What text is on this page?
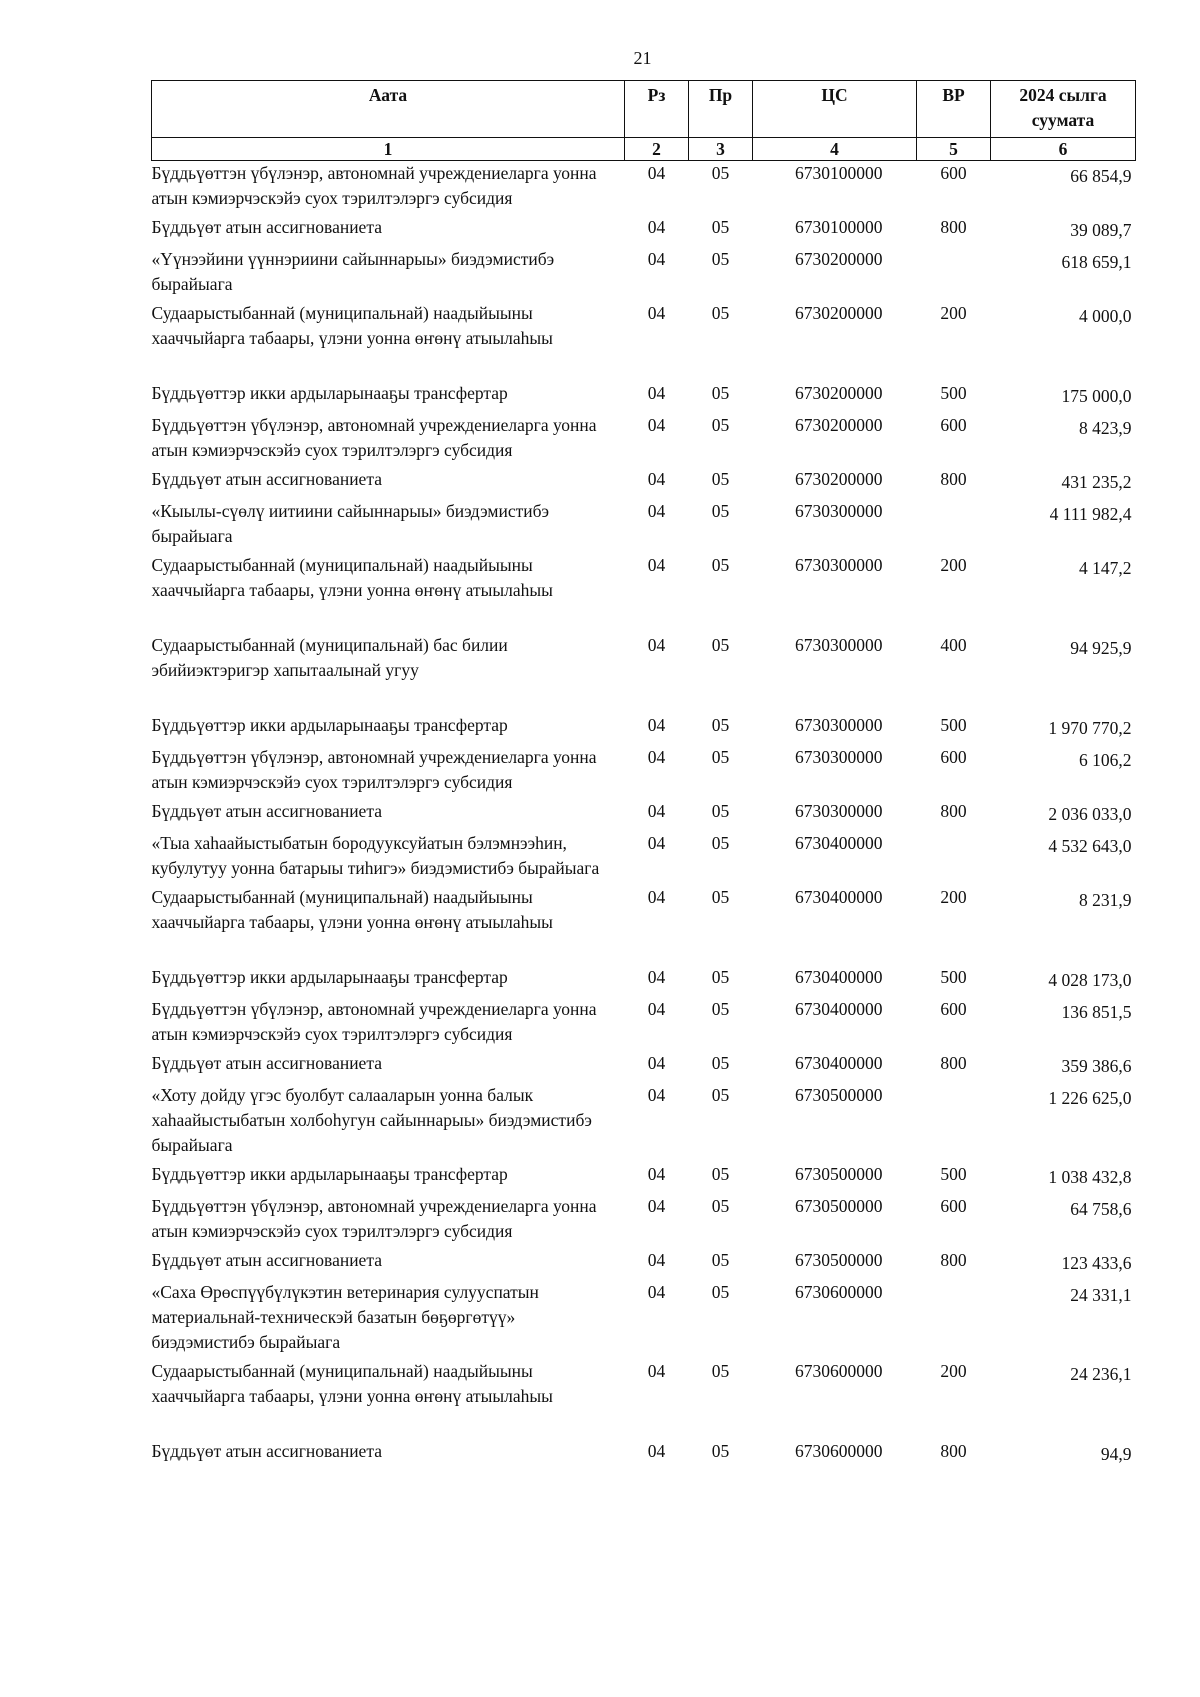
21
Аата	Рз	Пр	ЦС	ВР	2024 сылга суумата
1	2	3	4	5	6
Бүддьүөттэн үбүлэнэр, автономнай учреждениеларга уонна атын кэмиэрчэскэйэ суох тэрилтэлэргэ субсидия	04	05	6730100000	600	66 854,9
Бүддьүөт атын ассигнованиета	04	05	6730100000	800	39 089,7
«Үүнээйини үүннэриини сайыннарыы» биэдэмистибэ бырайыага	04	05	6730200000		618 659,1
Судаарыстыбаннай (муниципальнай) наадыйыыны хааччыйарга табаары, үлэни уонна өҥөнү атыылаһыы	04	05	6730200000	200	4 000,0
Бүддьүөттэр икки ардыларынааҕы трансфертар	04	05	6730200000	500	175 000,0
Бүддьүөттэн үбүлэнэр, автономнай учреждениеларга уонна атын кэмиэрчэскэйэ суох тэрилтэлэргэ субсидия	04	05	6730200000	600	8 423,9
Бүддьүөт атын ассигнованиета	04	05	6730200000	800	431 235,2
«Кыылы-сүөлү иитиини сайыннарыы» биэдэмистибэ бырайыага	04	05	6730300000		4 111 982,4
Судаарыстыбаннай (муниципальнай) наадыйыыны хааччыйарга табаары, үлэни уонна өҥөнү атыылаһыы	04	05	6730300000	200	4 147,2
Судаарыстыбаннай (муниципальнай) бас билии эбийиэктэригэр хапытаалынай угуу	04	05	6730300000	400	94 925,9
Бүддьүөттэр икки ардыларынааҕы трансфертар	04	05	6730300000	500	1 970 770,2
Бүддьүөттэн үбүлэнэр, автономнай учреждениеларга уонна атын кэмиэрчэскэйэ суох тэрилтэлэргэ субсидия	04	05	6730300000	600	6 106,2
Бүддьүөт атын ассигнованиета	04	05	6730300000	800	2 036 033,0
«Тыа хаһаайыстыбатын бородууксуйатын бэлэмнээһин, кубулутуу уонна батарыы тиһигэ» биэдэмистибэ бырайыага	04	05	6730400000		4 532 643,0
Судаарыстыбаннай (муниципальнай) наадыйыыны хааччыйарга табаары, үлэни уонна өҥөнү атыылаһыы	04	05	6730400000	200	8 231,9
Бүддьүөттэр икки ардыларынааҕы трансфертар	04	05	6730400000	500	4 028 173,0
Бүддьүөттэн үбүлэнэр, автономнай учреждениеларга уонна атын кэмиэрчэскэйэ суох тэрилтэлэргэ субсидия	04	05	6730400000	600	136 851,5
Бүддьүөт атын ассигнованиета	04	05	6730400000	800	359 386,6
«Хоту дойду үгэс буолбут салааларын уонна балык хаһаайыстыбатын холбоһугун сайыннарыы» биэдэмистибэ бырайыага	04	05	6730500000		1 226 625,0
Бүддьүөттэр икки ардыларынааҕы трансфертар	04	05	6730500000	500	1 038 432,8
Бүддьүөттэн үбүлэнэр, автономнай учреждениеларга уонна атын кэмиэрчэскэйэ суох тэрилтэлэргэ субсидия	04	05	6730500000	600	64 758,6
Бүддьүөт атын ассигнованиета	04	05	6730500000	800	123 433,6
«Саха Өрөспүүбүлүкэтин ветеринария сулууспатын материальнай-техническэй базатын бөҕөргөтүү» биэдэмистибэ бырайыага	04	05	6730600000		24 331,1
Судаарыстыбаннай (муниципальнай) наадыйыыны хааччыйарга табаары, үлэни уонна өҥөнү атыылаһыы	04	05	6730600000	200	24 236,1
Бүддьүөт атын ассигнованиета	04	05	6730600000	800	94,9
